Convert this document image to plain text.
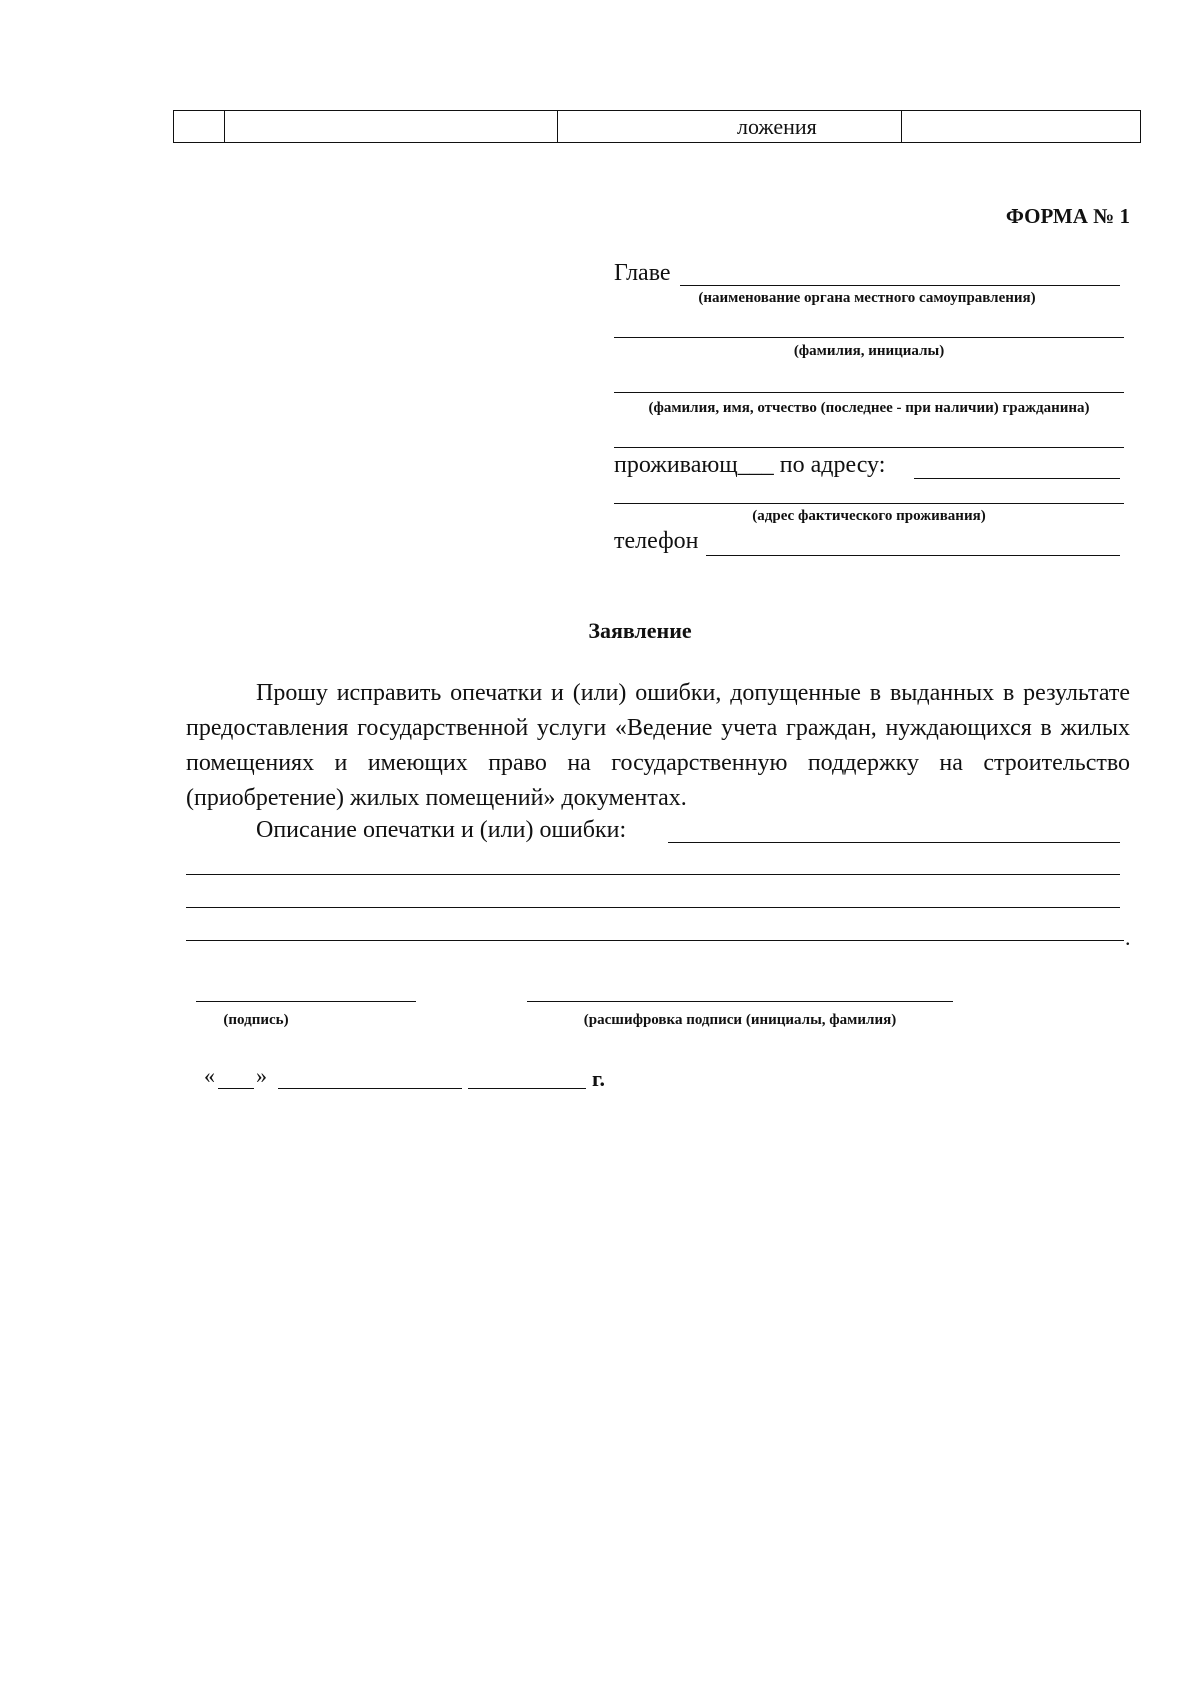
ложения
ФОРМА № 1
Главе
(наименование органа местного самоуправления)
(фамилия, инициалы)
(фамилия, имя, отчество (последнее - при наличии) гражданина)
проживающ___ по адресу:
(адрес фактического проживания)
телефон
Заявление

Прошу исправить опечатки и (или) ошибки, допущенные в выданных в результате предоставления государственной услуги «Ведение учета граждан, нуждающихся в жилых помещениях и имеющих право на государственную поддержку на строительство (приобретение) жилых помещений» документах.

Описание опечатки и (или) ошибки:
.
(подпись)	(расшифровка подписи (инициалы, фамилия)
« »	г.
